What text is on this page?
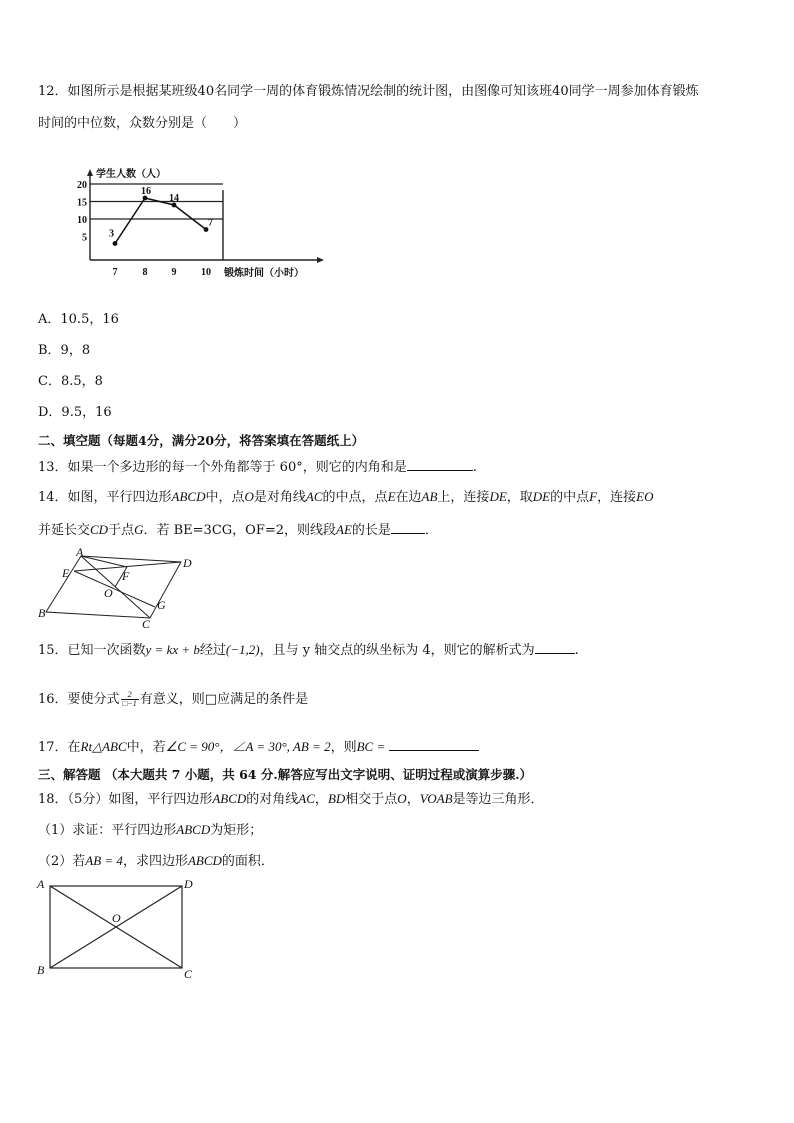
12．如图所示是根据某班级40名同学一周的体育锻炼情况绘制的统计图，由图像可知该班40同学一周参加体育锻炼
时间的中位数，众数分别是（　　）
20
15
10
5
7	8 9 10
学生人数（人）
锻炼时间（小时）
3
16
14
7
A．10.5，16
B．9，8
C．8.5，8
D．9.5，16
二、填空题（每题4分，满分20分，将答案填在答题纸上）
13．如果一个多边形的每一个外角都等于 60°，则它的内角和是	.
14．如图，平行四边形ABCD中，点O是对角线AC的中点，点E在边AB上，连接DE，取DE的中点F，连接EO
并延长交CD于点G．若 BE=3CG，OF=2，则线段AE的长是	．
A
D
E	F
O
G
B
C
15．已知一次函数y = kx + b经过(−1,2)，且与 y 轴交点的纵坐标为 4，则它的解析式为	.
16．要使分式 $\frac{2}{□-1}$ 有意义，则□应满足的条件是
17．在Rt△ABC中，若∠C = 90°，∠A = 30°, AB = 2，则BC =
三、解答题 （本大题共 7 小题，共 64 分.解答应写出文字说明、证明过程或演算步骤.）
18．（5分）如图，平行四边形ABCD的对角线AC，BD相交于点O，VOAB是等边三角形．
（1）求证：平行四边形ABCD为矩形；
（2）若AB = 4，求四边形ABCD的面积．
A	D
O
B	C
